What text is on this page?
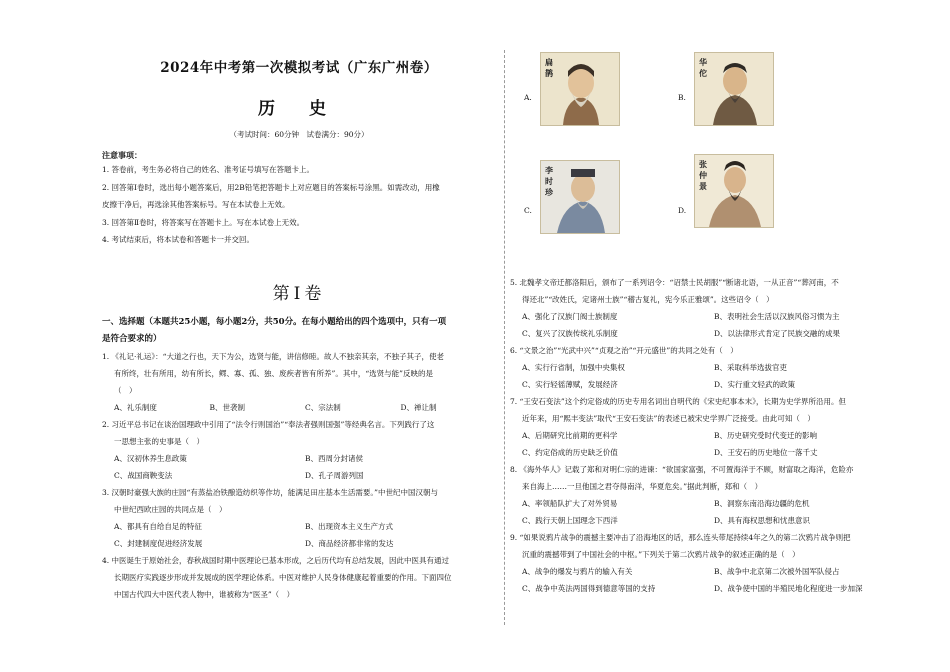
2024年中考第一次模拟考试（广东广州卷）
历 史
（考试时间：60分钟　试卷满分：90分）
注意事项：
1. 答卷前，考生务必将自己的姓名、准考证号填写在答题卡上。
2. 回答第Ⅰ卷时，选出每小题答案后，用2B铅笔把答题卡上对应题目的答案标号涂黑。如需改动，用橡
皮擦干净后，再选涂其他答案标号。写在本试卷上无效。
3. 回答第Ⅱ卷时，将答案写在答题卡上。写在本试卷上无效。
4. 考试结束后，将本试卷和答题卡一并交回。
第Ⅰ卷
一、选择题（本题共25小题，每小题2分，共50分。在每小题给出的四个选项中，只有一项
是符合要求的）
1. 《礼记·礼运》：“大道之行也，天下为公，选贤与能，讲信修睦。故人不独亲其亲，不独子其子，使老
有所终，壮有所用，幼有所长，鳏、寡、孤、独、废疾者皆有所养”。其中，“选贤与能”反映的是
（　）
A、礼乐制度	B、世袭制	C、宗法制	D、禅让制
2. 习近平总书记在谈治国理政中引用了“法令行则国治”“奉法者强则国强”等经典名言。下列践行了这
一思想主张的史事是（　）
A、汉初休养生息政策	B、西周分封诸侯
C、战国商鞅变法	D、孔子周游列国
3. 汉朝时豪强大族的庄园“有蒸盐冶铁酿造纺织等作坊，能满足田庄基本生活需要。”中世纪中国汉朝与
中世纪西欧庄园的共同点是（　）
A、都具有自给自足的特征	B、出现资本主义生产方式
C、封建制度促进经济发展	D、商品经济都非常的发达
4. 中医诞生于原始社会，春秋战国时期中医理论已基本形成，之后历代均有总结发展，因此中医具有通过
长期医疗实践逐步形成并发展成的医学理论体系。中医对维护人民身体健康起着重要的作用。下面四位
中国古代四大中医代表人物中，谁被称为“医圣”（　）
A.
扁鹊
B.
华佗
C.
李时珍
D.
张仲景
5. 北魏孝文帝迁都洛阳后，颁布了一系列诏令：“诏禁士民胡服”“断诸北语，一从正音”“葬河南，不
得还北”“改姓氏，定诸州士族”“稽古复礼，宪今乐正雅颂”。这些诏令（　）
A、强化了汉族门阀士族制度	B、表明社会生活以汉族风俗习惯为主
C、复兴了汉族传统礼乐制度	D、以法律形式肯定了民族交融的成果
6. “文景之治”“光武中兴”“贞观之治”“开元盛世”的共同之处有（　）
A、实行行省制，加强中央集权	B、采取科举选拔官吏
C、实行轻徭薄赋，发展经济	D、实行重文轻武的政策
7. “王安石变法”这个约定俗成的历史专用名词出自明代的《宋史纪事本末》，长期为史学界所沿用。但
近年来，用“熙丰变法”取代“王安石变法”的表述已被宋史学界广泛接受。由此可知（　）
A、后期研究比前期的更科学	B、历史研究受时代变迁的影响
C、约定俗成的历史缺乏价值	D、王安石的历史地位一落千丈
8. 《海外华人》记载了郑和对明仁宗的进谏：“欲国家富强，不可置海洋于不顾，财富取之海洋，危险亦
来自海上……一旦他国之君夺得南洋，华夏危矣。”据此判断，郑和（　）
A、率领船队扩大了对外贸易	B、洞察东南沿海边疆的危机
C、践行天朝上国理念下西洋	D、具有海权思想和忧患意识
9. “如果说鸦片战争的震撼主要冲击了沿海地区的话，那么连头带尾持续4年之久的第二次鸦片战争则把
沉重的震撼带到了中国社会的中枢。”下列关于第二次鸦片战争的叙述正确的是（　）
A、战争的爆发与鸦片的输入有关	B、战争中北京第二次被外国军队侵占
C、战争中英法两国得到德意等国的支持	D、战争使中国的半殖民地化程度进一步加深
